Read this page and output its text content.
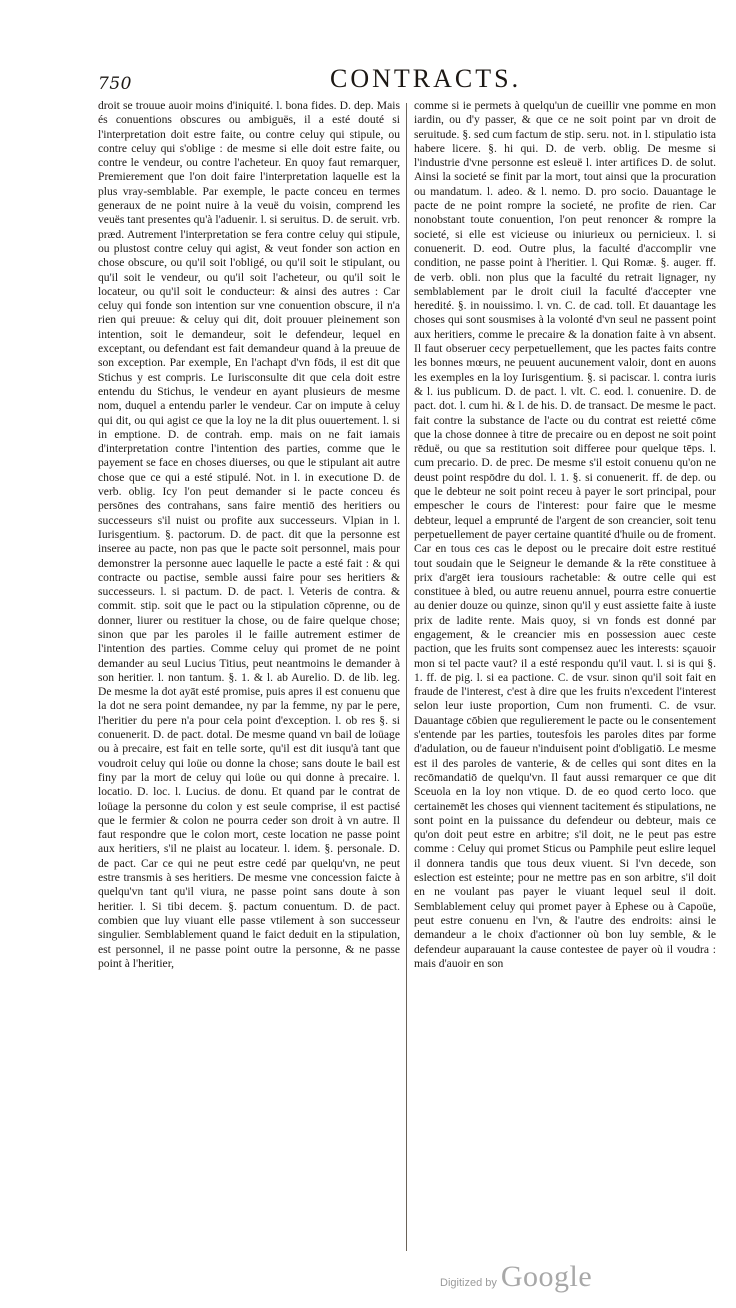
750	CONTRACTS.

droit se trouue auoir moins d'iniquité. l. bona fides. D. dep. Mais és conuentions obscures ou ambiguës, il a esté douté si l'interpretation doit estre faite, ou contre celuy qui stipule, ou contre celuy qui s'oblige : de mesme si elle doit estre faite, ou contre le vendeur, ou contre l'acheteur. En quoy faut remarquer, Premierement que l'on doit faire l'interpretation laquelle est la plus vray-semblable. Par exemple, le pacte conceu en termes generaux de ne point nuire à la veuë du voisin, comprend les veuës tant presentes qu'à l'aduenir. l. si seruitus. D. de seruit. vrb. præd. Autrement l'interpretation se fera contre celuy qui stipule, ou plustost contre celuy qui agist, & veut fonder son action en chose obscure, ou qu'il soit l'obligé, ou qu'il soit le stipulant, ou qu'il soit le vendeur, ou qu'il soit l'acheteur, ou qu'il soit le locateur, ou qu'il soit le conducteur: & ainsi des autres : Car celuy qui fonde son intention sur vne conuention obscure, il n'a rien qui preuue: & celuy qui dit, doit prouuer pleinement son intention, soit le demandeur, soit le defendeur, lequel en exceptant, ou defendant est fait demandeur quand à la preuue de son exception. Par exemple, En l'achapt d'vn fōds, il est dit que Stichus y est compris. Le Iurisconsulte dit que cela doit estre entendu du Stichus, le vendeur en ayant plusieurs de mesme nom, duquel a entendu parler le vendeur. Car on impute à celuy qui dit, ou qui agist ce que la loy ne la dit plus ouuertement. l. si in emptione. D. de contrah. emp. mais on ne fait iamais d'interpretation contre l'intention des parties, comme que le payement se face en choses diuerses, ou que le stipulant ait autre chose que ce qui a esté stipulé. Not. in l. in executione D. de verb. oblig. Icy l'on peut demander si le pacte conceu és persōnes des contrahans, sans faire mentiō des heritiers ou successeurs s'il nuist ou profite aux successeurs. Vlpian in l. Iurisgentium. §. pactorum. D. de pact. dit que la personne est inseree au pacte, non pas que le pacte soit personnel, mais pour demonstrer la personne auec laquelle le pacte a esté fait : & qui contracte ou pactise, semble aussi faire pour ses heritiers & successeurs. l. si pactum. D. de pact. l. Veteris de contra. & commit. stip. soit que le pact ou la stipulation cōprenne, ou de donner, liurer ou restituer la chose, ou de faire quelque chose; sinon que par les paroles il le faille autrement estimer de l'intention des parties. Comme celuy qui promet de ne point demander au seul Lucius Titius, peut neantmoins le demander à son heritier. l. non tantum. §. 1. & l. ab Aurelio. D. de lib. leg. De mesme la dot ayāt esté promise, puis apres il est conuenu que la dot ne sera point demandee, ny par la femme, ny par le pere, l'heritier du pere n'a pour cela point d'exception. l. ob res §. si conuenerit. D. de pact. dotal. De mesme quand vn bail de loüage ou à precaire, est fait en telle sorte, qu'il est dit iusqu'à tant que voudroit celuy qui loüe ou donne la chose; sans doute le bail est finy par la mort de celuy qui loüe ou qui donne à precaire. l. locatio. D. loc. l. Lucius. de donu. Et quand par le contrat de loüage la personne du colon y est seule comprise, il est pactisé que le fermier & colon ne pourra ceder son droit à vn autre. Il faut respondre que le colon mort, ceste location ne passe point aux heritiers, s'il ne plaist au locateur. l. idem. §. personale. D. de pact. Car ce qui ne peut estre cedé par quelqu'vn, ne peut estre transmis à ses heritiers. De mesme vne concession faicte à quelqu'vn tant qu'il viura, ne passe point sans doute à son heritier. l. Si tibi decem. §. pactum conuentum. D. de pact. combien que luy viuant elle passe vtilement à son successeur singulier. Semblablement quand le faict deduit en la stipulation, est personnel, il ne passe point outre la personne, & ne passe point à l'heritier,

comme si ie permets à quelqu'un de cueillir vne pomme en mon iardin, ou d'y passer, & que ce ne soit point par vn droit de seruitude. §. sed cum factum de stip. seru. not. in l. stipulatio ista habere licere. §. hi qui. D. de verb. oblig. De mesme si l'industrie d'vne personne est esleuë l. inter artifices D. de solut. Ainsi la societé se finit par la mort, tout ainsi que la procuration ou mandatum. l. adeo. & l. nemo. D. pro socio. Dauantage le pacte de ne point rompre la societé, ne profite de rien. Car nonobstant toute conuention, l'on peut renoncer & rompre la societé, si elle est vicieuse ou iniurieux ou pernicieux. l. si conuenerit. D. eod. Outre plus, la faculté d'accomplir vne condition, ne passe point à l'heritier. l. Qui Romæ. §. auger. ff. de verb. obli. non plus que la faculté du retrait lignager, ny semblablement par le droit ciuil la faculté d'accepter vne heredité. §. in nouissimo. l. vn. C. de cad. toll. Et dauantage les choses qui sont sousmises à la volonté d'vn seul ne passent point aux heritiers, comme le precaire & la donation faite à vn absent. Il faut obseruer cecy perpetuellement, que les pactes faits contre les bonnes mœurs, ne peuuent aucunement valoir, dont en auons les exemples en la loy Iurisgentium. §. si paciscar. l. contra iuris & l. ius publicum. D. de pact. l. vlt. C. eod. l. conuenire. D. de pact. dot. l. cum hi. & l. de his. D. de transact. De mesme le pact. fait contre la substance de l'acte ou du contrat est reietté cōme que la chose donnee à titre de precaire ou en depost ne soit point rēduë, ou que sa restitution soit differee pour quelque tēps. l. cum precario. D. de prec. De mesme s'il estoit conuenu qu'on ne deust point respōdre du dol. l. 1. §. si conuenerit. ff. de dep. ou que le debteur ne soit point receu à payer le sort principal, pour empescher le cours de l'interest: pour faire que le mesme debteur, lequel a emprunté de l'argent de son creancier, soit tenu perpetuellement de payer certaine quantité d'huile ou de froment. Car en tous ces cas le depost ou le precaire doit estre restitué tout soudain que le Seigneur le demande & la rēte constituee à prix d'argēt iera tousiours rachetable: & outre celle qui est constituee à bled, ou autre reuenu annuel, pourra estre conuertie au denier douze ou quinze, sinon qu'il y eust assiette faite à iuste prix de ladite rente. Mais quoy, si vn fonds est donné par engagement, & le creancier mis en possession auec ceste paction, que les fruits sont compensez auec les interests: sçauoir mon si tel pacte vaut? il a esté respondu qu'il vaut. l. si is qui §. 1. ff. de pig. l. si ea pactione. C. de vsur. sinon qu'il soit fait en fraude de l'interest, c'est à dire que les fruits n'excedent l'interest selon leur iuste proportion, Cum non frumenti. C. de vsur. Dauantage cōbien que regulierement le pacte ou le consentement s'entende par les parties, toutesfois les paroles dites par forme d'adulation, ou de faueur n'induisent point d'obligatiō. Le mesme est il des paroles de vanterie, & de celles qui sont dites en la recōmandatiō de quelqu'vn. Il faut aussi remarquer ce que dit Sceuola en la loy non vtique. D. de eo quod certo loco. que certainemēt les choses qui viennent tacitement és stipulations, ne sont point en la puissance du defendeur ou debteur, mais ce qu'on doit peut estre en arbitre; s'il doit, ne le peut pas estre comme : Celuy qui promet Sticus ou Pamphile peut eslire lequel il donnera tandis que tous deux viuent. Si l'vn decede, son eslection est esteinte; pour ne mettre pas en son arbitre, s'il doit en ne voulant pas payer le viuant lequel seul il doit. Semblablement celuy qui promet payer à Ephese ou à Capoüe, peut estre conuenu en l'vn, & l'autre des endroits: ainsi le demandeur a le choix d'actionner où bon luy semble, & le defendeur auparauant la cause contestee de payer où il voudra : mais d'auoir en son

Digitized by Google
